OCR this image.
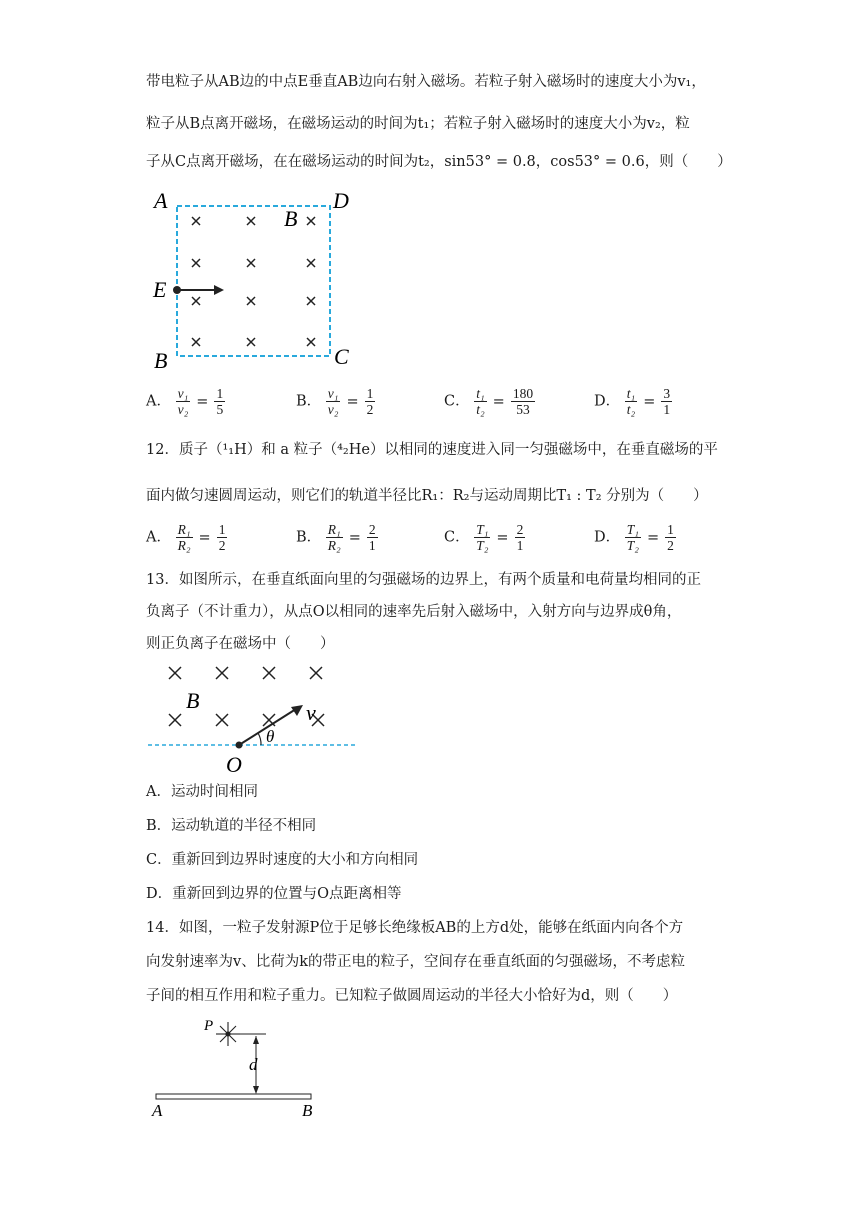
带电粒子从AB边的中点E垂直AB边向右射入磁场。若粒子射入磁场时的速度大小为v₁，
粒子从B点离开磁场，在磁场运动的时间为t₁；若粒子射入磁场时的速度大小为v₂，粒
子从C点离开磁场，在在磁场运动的时间为t₂，sin53° = 0.8，cos53° = 0.6，则（　　）
A	D
B
E
B	C
A． $\frac{\text{v₁}}{\text{v₂}} = \frac{1}{5}$	B． $\frac{\text{v₁}}{\text{v₂}} = \frac{1}{2}$	C． $\frac{\text{t₁}}{\text{t₂}} = \frac{180}{53}$	D． $\frac{\text{t₁}}{\text{t₂}} = \frac{3}{1}$
12．质子（¹₁H）和 a 粒子（⁴₂He）以相同的速度进入同一匀强磁场中，在垂直磁场的平
面内做匀速圆周运动，则它们的轨道半径比R₁：R₂与运动周期比T₁ : T₂ 分别为（　　）
A． $\frac{\text{R₁}}{\text{R₂}} = \frac{1}{2}$	B． $\frac{\text{R₁}}{\text{R₂}} = \frac{2}{1}$	C． $\frac{\text{T₁}}{\text{T₂}} = \frac{2}{1}$	D． $\frac{\text{T₁}}{\text{T₂}} = \frac{1}{2}$
13．如图所示，在垂直纸面向里的匀强磁场的边界上，有两个质量和电荷量均相同的正
负离子（不计重力），从点O以相同的速率先后射入磁场中，入射方向与边界成θ角，
则正负离子在磁场中（　　）
B	v
θ
O
A．运动时间相同
B．运动轨道的半径不相同
C．重新回到边界时速度的大小和方向相同
D．重新回到边界的位置与O点距离相等
14．如图，一粒子发射源P位于足够长绝缘板AB的上方d处，能够在纸面内向各个方
向发射速率为v、比荷为k的带正电的粒子，空间存在垂直纸面的匀强磁场，不考虑粒
子间的相互作用和粒子重力。已知粒子做圆周运动的半径大小恰好为d，则（　　）
P
d
A	B
